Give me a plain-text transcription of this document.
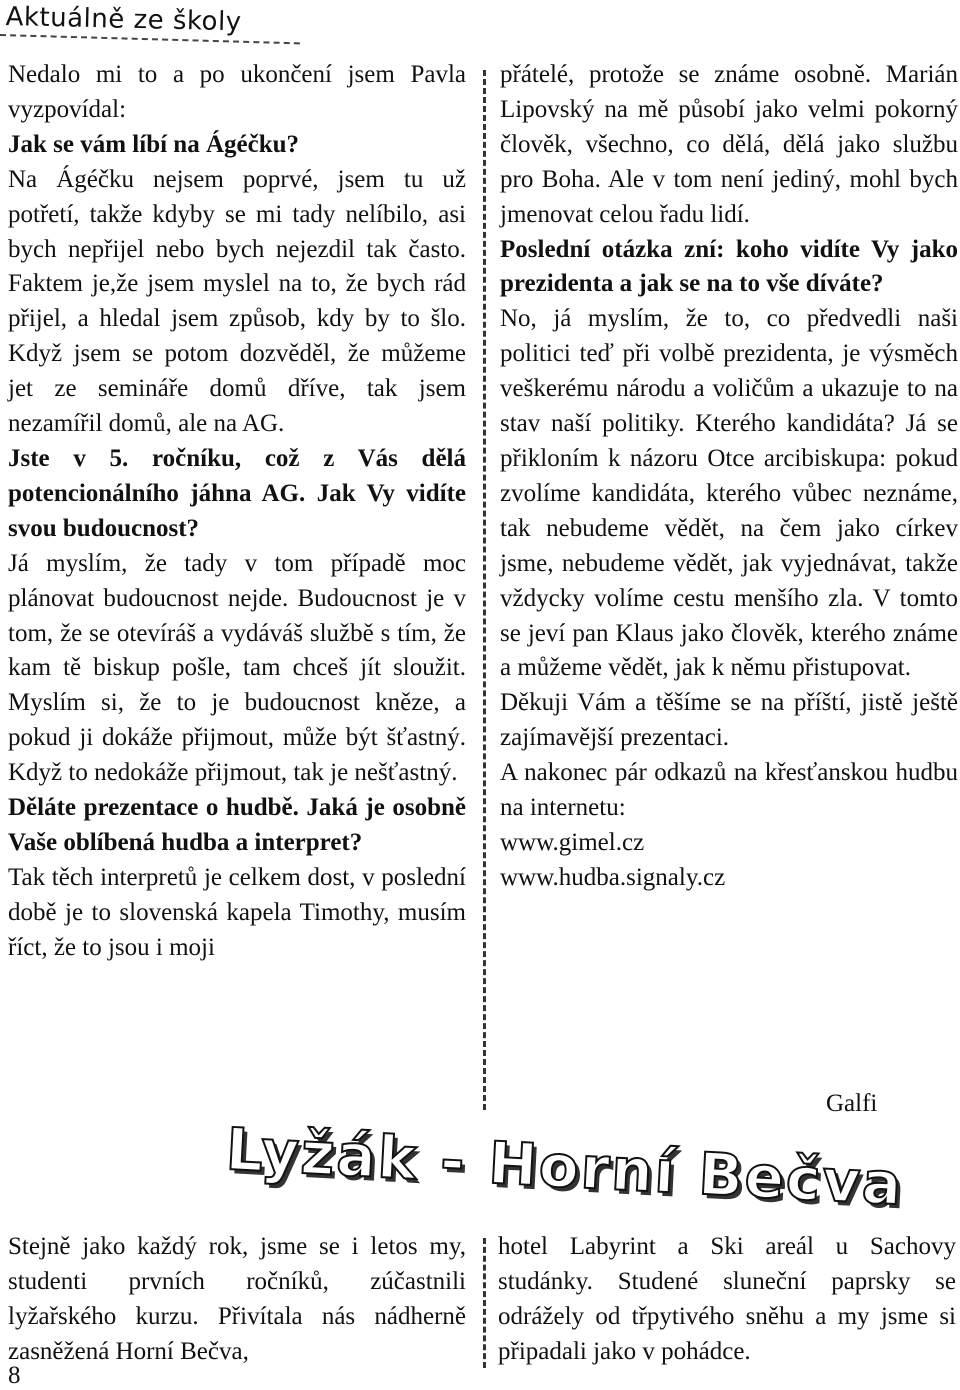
Aktuálně ze školy

Nedalo mi to a po ukončení jsem Pavla vyzpovídal:

Jak se vám líbí na Ágéčku?

Na Ágéčku nejsem poprvé, jsem tu už potřetí, takže kdyby se mi tady nelíbilo, asi bych nepřijel nebo bych nejezdil tak často. Faktem je,že jsem myslel na to, že bych rád přijel, a hledal jsem způsob, kdy by to šlo. Když jsem se potom dozvěděl, že můžeme jet ze semináře domů dříve, tak jsem nezamířil domů, ale na AG.

Jste v 5. ročníku, což z Vás dělá potencionálního jáhna AG. Jak Vy vidíte svou budoucnost?

Já myslím, že tady v tom případě moc plánovat budoucnost nejde. Budoucnost je v tom, že se otevíráš a vydáváš službě s tím, že kam tě biskup pošle, tam chceš jít sloužit. Myslím si, že to je budoucnost kněze, a pokud ji dokáže přijmout, může být šťastný. Když to nedokáže přijmout, tak je nešťastný.

Děláte prezentace o hudbě. Jaká je osobně Vaše oblíbená hudba a interpret?

Tak těch interpretů je celkem dost, v poslední době je to slovenská kapela Timothy, musím říct, že to jsou i moji

přátelé, protože se známe osobně. Marián Lipovský na mě působí jako velmi pokorný člověk, všechno, co dělá, dělá jako službu pro Boha. Ale v tom není jediný, mohl bych jmenovat celou řadu lidí.

Poslední otázka zní: koho vidíte Vy jako prezidenta a jak se na to vše díváte?

No, já myslím, že to, co předvedli naši politici teď při volbě prezidenta, je výsměch veškerému národu a voličům a ukazuje to na stav naší politiky. Kterého kandidáta? Já se přikloním k názoru Otce arcibiskupa: pokud zvolíme kandidáta, kterého vůbec neznáme, tak nebudeme vědět, na čem jako církev jsme, nebudeme vědět, jak vyjednávat, takže vždycky volíme cestu menšího zla. V tomto se jeví pan Klaus jako člověk, kterého známe a můžeme vědět, jak k němu přistupovat.

Děkuji Vám a těšíme se na příští, jistě ještě zajímavější prezentaci.

A nakonec pár odkazů na křesťanskou hudbu na internetu:

www.gimel.cz

www.hudba.signaly.cz

Galfi
Lyžák - Horní Bečva

Stejně jako každý rok, jsme se i letos my, studenti prvních ročníků, zúčastnili lyžařského kurzu. Přivítala nás nádherně zasněžená Horní Bečva,

hotel Labyrint a Ski areál u Sachovy studánky. Studené sluneční paprsky se odrážely od třpytivého sněhu a my jsme si připadali jako v pohádce.

8
